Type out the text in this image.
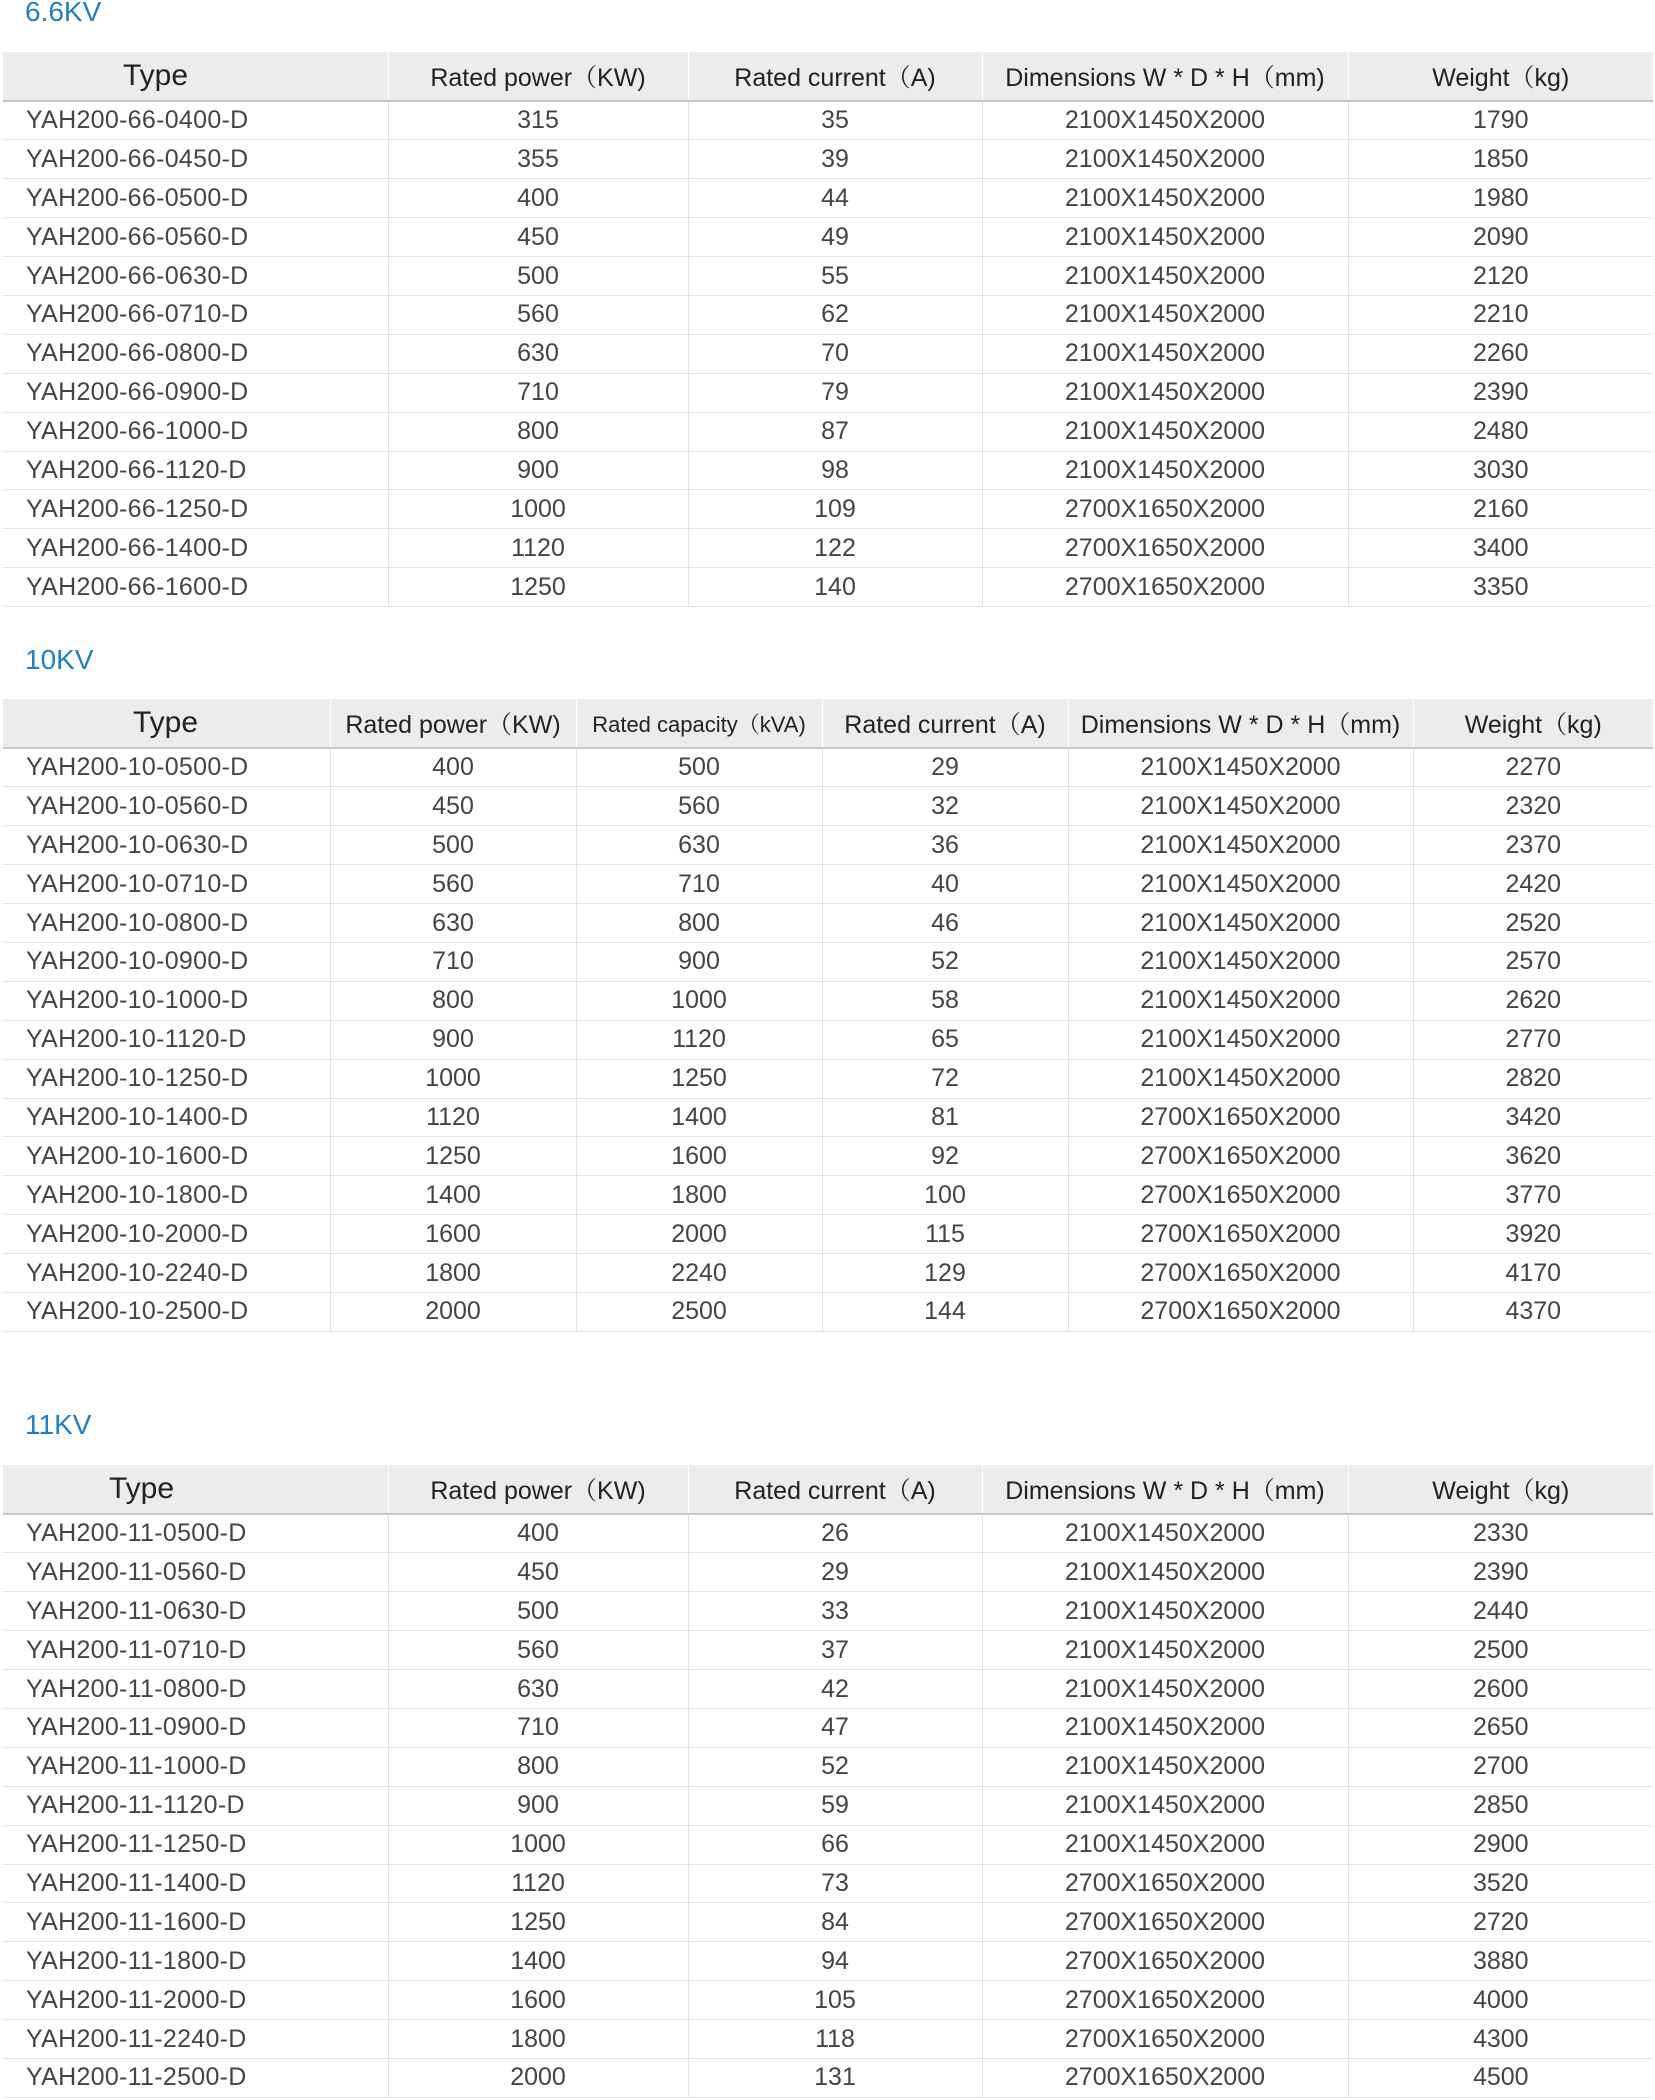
6.6KV
Type	Rated power（KW)	Rated current（A)	Dimensions W * D * H（mm)	Weight（kg)
YAH200-66-0400-D	315	35	2100X1450X2000	1790
YAH200-66-0450-D	355	39	2100X1450X2000	1850
YAH200-66-0500-D	400	44	2100X1450X2000	1980
YAH200-66-0560-D	450	49	2100X1450X2000	2090
YAH200-66-0630-D	500	55	2100X1450X2000	2120
YAH200-66-0710-D	560	62	2100X1450X2000	2210
YAH200-66-0800-D	630	70	2100X1450X2000	2260
YAH200-66-0900-D	710	79	2100X1450X2000	2390
YAH200-66-1000-D	800	87	2100X1450X2000	2480
YAH200-66-1120-D	900	98	2100X1450X2000	3030
YAH200-66-1250-D	1000	109	2700X1650X2000	2160
YAH200-66-1400-D	1120	122	2700X1650X2000	3400
YAH200-66-1600-D	1250	140	2700X1650X2000	3350
10KV
Type	Rated power（KW)	Rated capacity（kVA)	Rated current（A)	Dimensions W * D * H（mm)	Weight（kg)
YAH200-10-0500-D	400	500	29	2100X1450X2000	2270
YAH200-10-0560-D	450	560	32	2100X1450X2000	2320
YAH200-10-0630-D	500	630	36	2100X1450X2000	2370
YAH200-10-0710-D	560	710	40	2100X1450X2000	2420
YAH200-10-0800-D	630	800	46	2100X1450X2000	2520
YAH200-10-0900-D	710	900	52	2100X1450X2000	2570
YAH200-10-1000-D	800	1000	58	2100X1450X2000	2620
YAH200-10-1120-D	900	1120	65	2100X1450X2000	2770
YAH200-10-1250-D	1000	1250	72	2100X1450X2000	2820
YAH200-10-1400-D	1120	1400	81	2700X1650X2000	3420
YAH200-10-1600-D	1250	1600	92	2700X1650X2000	3620
YAH200-10-1800-D	1400	1800	100	2700X1650X2000	3770
YAH200-10-2000-D	1600	2000	115	2700X1650X2000	3920
YAH200-10-2240-D	1800	2240	129	2700X1650X2000	4170
YAH200-10-2500-D	2000	2500	144	2700X1650X2000	4370
11KV
Type	Rated power（KW)	Rated current（A)	Dimensions W * D * H（mm)	Weight（kg)
YAH200-11-0500-D	400	26	2100X1450X2000	2330
YAH200-11-0560-D	450	29	2100X1450X2000	2390
YAH200-11-0630-D	500	33	2100X1450X2000	2440
YAH200-11-0710-D	560	37	2100X1450X2000	2500
YAH200-11-0800-D	630	42	2100X1450X2000	2600
YAH200-11-0900-D	710	47	2100X1450X2000	2650
YAH200-11-1000-D	800	52	2100X1450X2000	2700
YAH200-11-1120-D	900	59	2100X1450X2000	2850
YAH200-11-1250-D	1000	66	2100X1450X2000	2900
YAH200-11-1400-D	1120	73	2700X1650X2000	3520
YAH200-11-1600-D	1250	84	2700X1650X2000	2720
YAH200-11-1800-D	1400	94	2700X1650X2000	3880
YAH200-11-2000-D	1600	105	2700X1650X2000	4000
YAH200-11-2240-D	1800	118	2700X1650X2000	4300
YAH200-11-2500-D	2000	131	2700X1650X2000	4500
